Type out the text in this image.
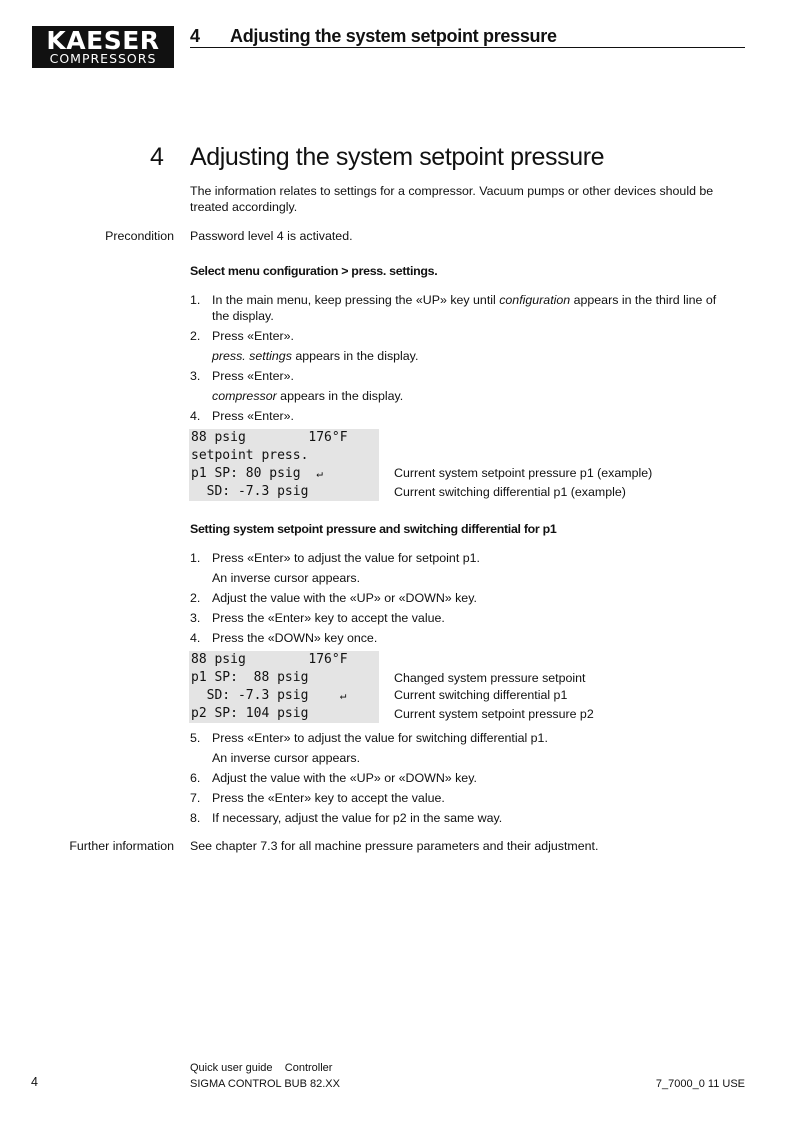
KAESER
COMPRESSORS
4 Adjusting the system setpoint pressure
4 Adjusting the system setpoint pressure
The information relates to settings for a compressor. Vacuum pumps or other devices should be treated accordingly.
Precondition Password level 4 is activated.
Select menu configuration > press. settings.
1. In the main menu, keep pressing the «UP» key until configuration appears in the third line of
the display.
2. Press «Enter».
press. settings appears in the display.
3. Press «Enter».
compressor appears in the display.
4. Press «Enter».
88 psig        176°F
setpoint press.
p1 SP: 80 psig  ↵
SD: -7.3 psig
Current system setpoint pressure p1 (example)
Current switching differential p1 (example)
Setting system setpoint pressure and switching differential for p1
1. Press «Enter» to adjust the value for setpoint p1.
An inverse cursor appears.
2. Adjust the value with the «UP» or «DOWN» key.
3. Press the «Enter» key to accept the value.
4. Press the «DOWN» key once.
88 psig        176°F
p1 SP:  88 psig
SD: -7.3 psig    ↵
p2 SP: 104 psig
Changed system pressure setpoint
Current switching differential p1
Current system setpoint pressure p2
5. Press «Enter» to adjust the value for switching differential p1.
An inverse cursor appears.
6. Adjust the value with the «UP» or «DOWN» key.
7. Press the «Enter» key to accept the value.
8. If necessary, adjust the value for p2 in the same way.
Further information See chapter 7.3 for all machine pressure parameters and their adjustment.
4
Quick user guide    Controller
SIGMA CONTROL BUB 82.XX	7_7000_0 11 USE
